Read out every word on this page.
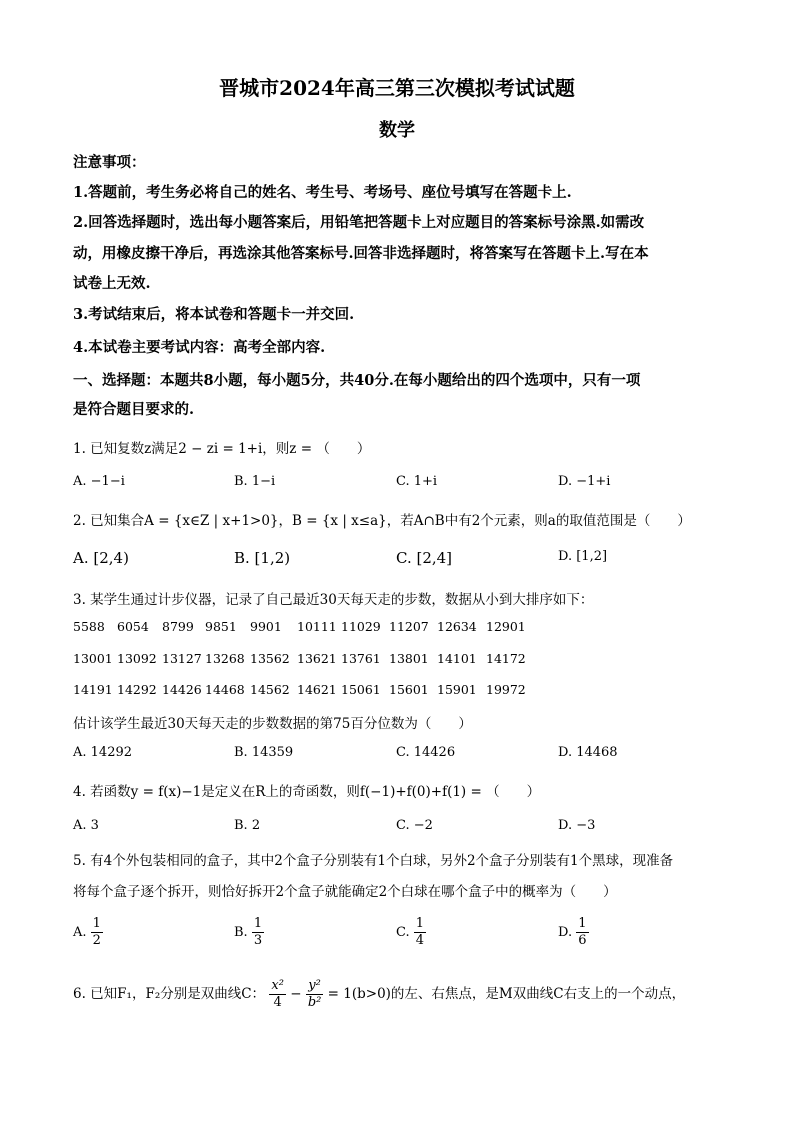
晋城市2024年高三第三次模拟考试试题
数学
注意事项：
1.答题前，考生务必将自己的姓名、考生号、考场号、座位号填写在答题卡上.
2.回答选择题时，选出每小题答案后，用铅笔把答题卡上对应题目的答案标号涂黑.如需改
动，用橡皮擦干净后，再选涂其他答案标号.回答非选择题时，将答案写在答题卡上.写在本
试卷上无效.
3.考试结束后，将本试卷和答题卡一并交回.
4.本试卷主要考试内容：高考全部内容.
一、选择题：本题共8小题，每小题5分，共40分.在每小题给出的四个选项中，只有一项
是符合题目要求的.
1. 已知复数z满足2 − zi = 1+i，则z = （　　）
A. −1−i	B. 1−i	C. 1+i	D. −1+i
2. 已知集合A = {x∈Z | x+1>0}，B = {x | x≤a}，若A∩B中有2个元素，则a的取值范围是（　　）
A. [2,4)	B. [1,2)	C. [2,4]	D. [1,2]
3. 某学生通过计步仪器，记录了自己最近30天每天走的步数，数据从小到大排序如下：
5588 6054 8799 9851 9901 10111 11029 11207 12634 12901
13001 13092 13127 13268 13562 13621 13761 13801 14101 14172
14191 14292 14426 14468 14562 14621 15061 15601 15901 19972
估计该学生最近30天每天走的步数数据的第75百分位数为（　　）
A. 14292	B. 14359	C. 14426	D. 14468
4. 若函数y = f(x)−1是定义在R上的奇函数，则f(−1)+f(0)+f(1) = （　　）
A. 3	B. 2	C. −2	D. −3
5. 有4个外包装相同的盒子，其中2个盒子分别装有1个白球，另外2个盒子分别装有1个黑球，现准备
将每个盒子逐个拆开，则恰好拆开2个盒子就能确定2个白球在哪个盒子中的概率为（　　）
A. $\frac{1}{2}$	B. $\frac{1}{3}$	C. $\frac{1}{4}$	D. $\frac{1}{6}$
6. 已知F₁，F₂分别是双曲线C： $\frac{\text{x²}}{4} - \frac{\text{y²}}{\text{b²}} = 1(b>0)$的左、右焦点，是M双曲线C右支上的一个动点，
